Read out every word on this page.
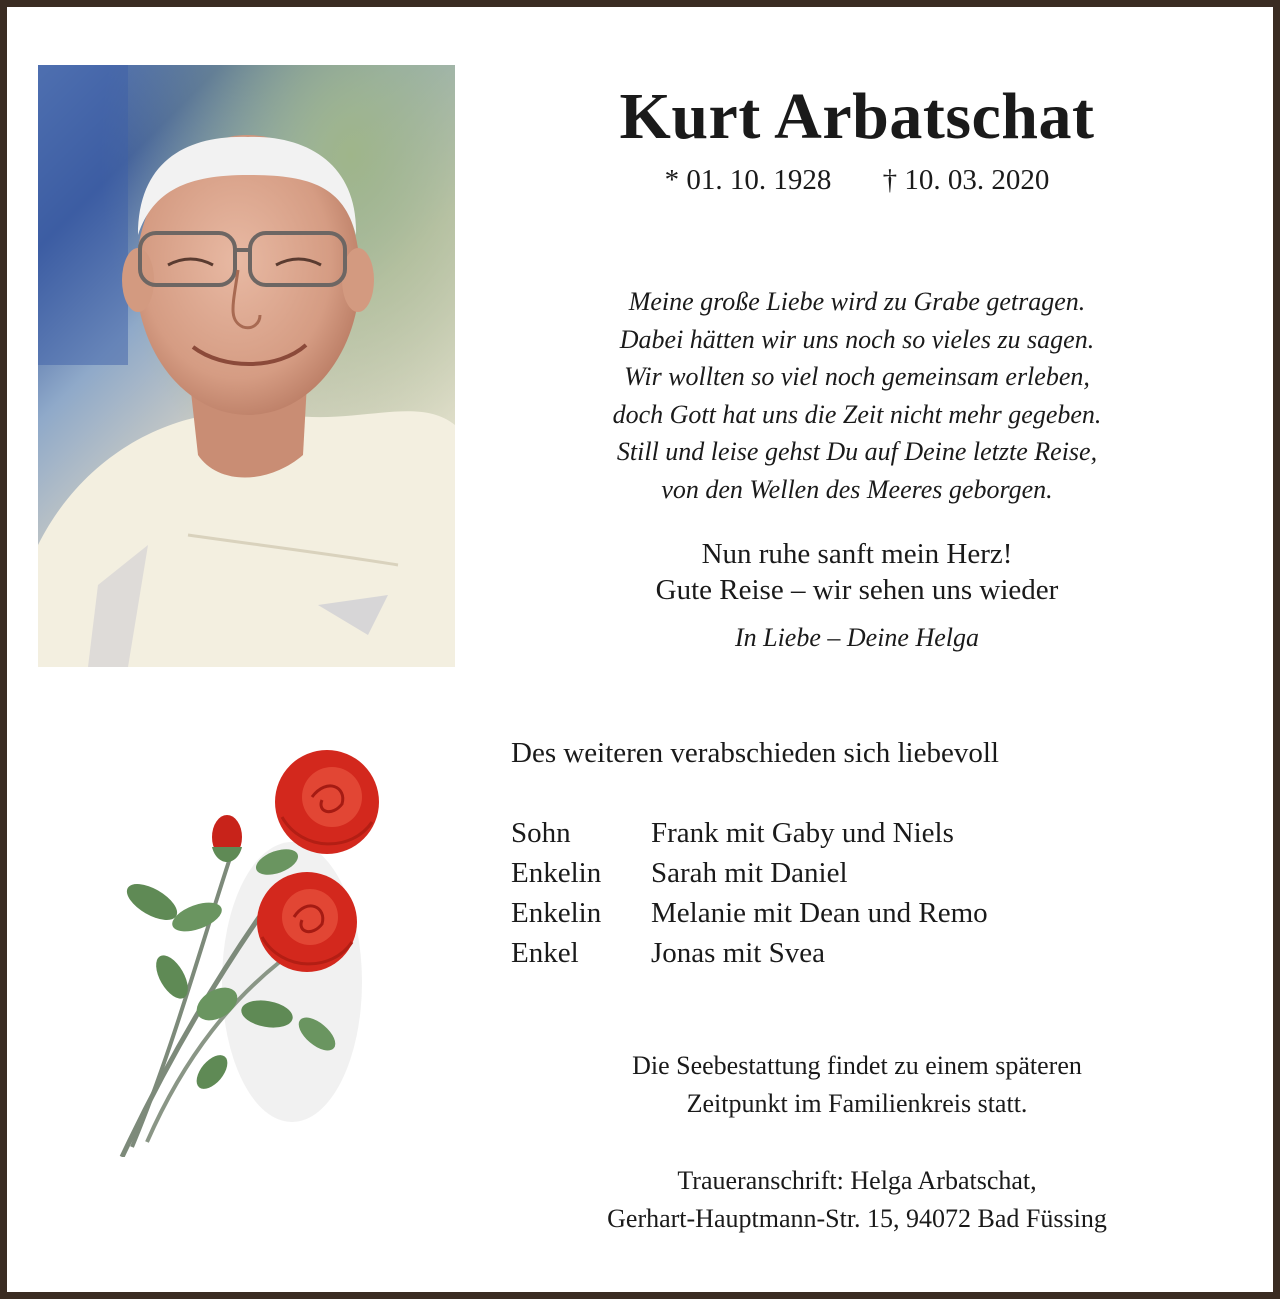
Kurt Arbatschat
* 01. 10. 1928 † 10. 03. 2020
Meine große Liebe wird zu Grabe getragen.
Dabei hätten wir uns noch so vieles zu sagen.
Wir wollten so viel noch gemeinsam erleben,
doch Gott hat uns die Zeit nicht mehr gegeben.
Still und leise gehst Du auf Deine letzte Reise,
von den Wellen des Meeres geborgen.
Nun ruhe sanft mein Herz!
Gute Reise – wir sehen uns wieder
In Liebe – Deine Helga
Des weiteren verabschieden sich liebevoll
Sohn	Frank mit Gaby und Niels
Enkelin	Sarah mit Daniel
Enkelin	Melanie mit Dean und Remo
Enkel	Jonas mit Svea
Die Seebestattung findet zu einem späteren
Zeitpunkt im Familienkreis statt.
Traueranschrift: Helga Arbatschat,
Gerhart-Hauptmann-Str. 15, 94072 Bad Füssing
